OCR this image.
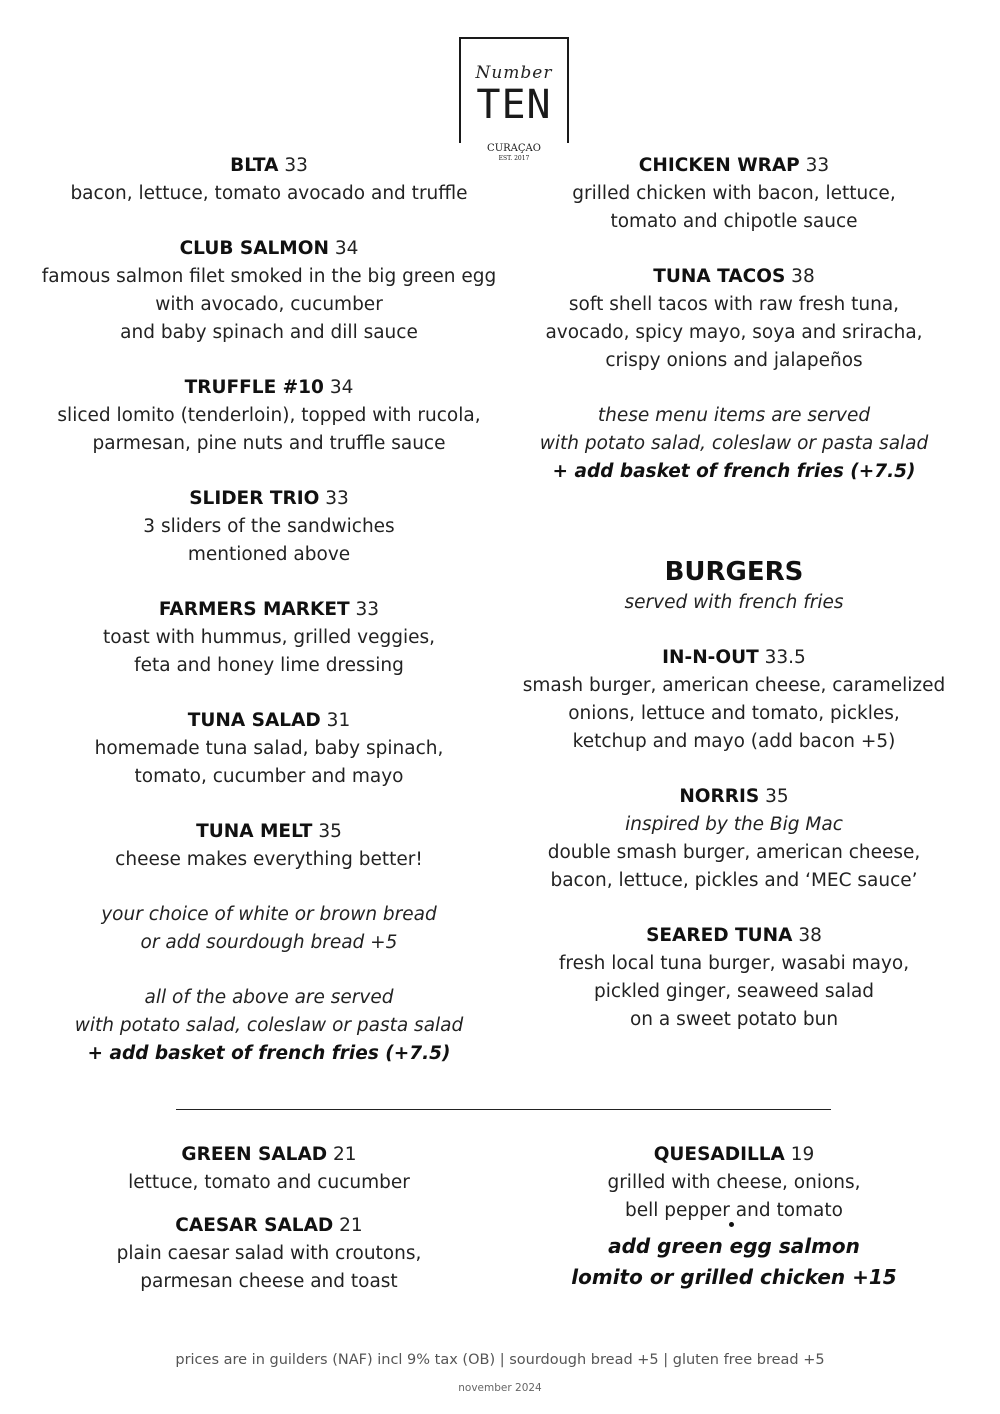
Number
TEN
CURAÇAO
EST. 2017
BLTA 33
bacon, lettuce, tomato avocado and truffle
CLUB SALMON 34
famous salmon filet smoked in the big green egg
with avocado, cucumber
and baby spinach and dill sauce
TRUFFLE #10 34
sliced lomito (tenderloin), topped with rucola,
parmesan, pine nuts and truffle sauce
SLIDER TRIO 33
3 sliders of the sandwiches
mentioned above
FARMERS MARKET 33
toast with hummus, grilled veggies,
feta and honey lime dressing
TUNA SALAD 31
homemade tuna salad, baby spinach,
tomato, cucumber and mayo
TUNA MELT 35
cheese makes everything better!
your choice of white or brown bread
or add sourdough bread +5
all of the above are served
with potato salad, coleslaw or pasta salad
+ add basket of french fries (+7.5)
CHICKEN WRAP 33
grilled chicken with bacon, lettuce,
tomato and chipotle sauce
TUNA TACOS 38
soft shell tacos with raw fresh tuna,
avocado, spicy mayo, soya and sriracha,
crispy onions and jalapeños
these menu items are served
with potato salad, coleslaw or pasta salad
+ add basket of french fries (+7.5)
BURGERS
served with french fries
IN-N-OUT 33.5
smash burger, american cheese, caramelized
onions, lettuce and tomato, pickles,
ketchup and mayo (add bacon +5)
NORRIS 35
inspired by the Big Mac
double smash burger, american cheese,
bacon, lettuce, pickles and ‘MEC sauce’
SEARED TUNA 38
fresh local tuna burger, wasabi mayo,
pickled ginger, seaweed salad
on a sweet potato bun
GREEN SALAD 21
lettuce, tomato and cucumber
CAESAR SALAD 21
plain caesar salad with croutons,
parmesan cheese and toast
QUESADILLA 19
grilled with cheese, onions,
bell pepper and tomato
add green egg salmon
lomito or grilled chicken +15
prices are in guilders (NAF) incl 9% tax (OB) | sourdough bread +5 | gluten free bread +5
november 2024
